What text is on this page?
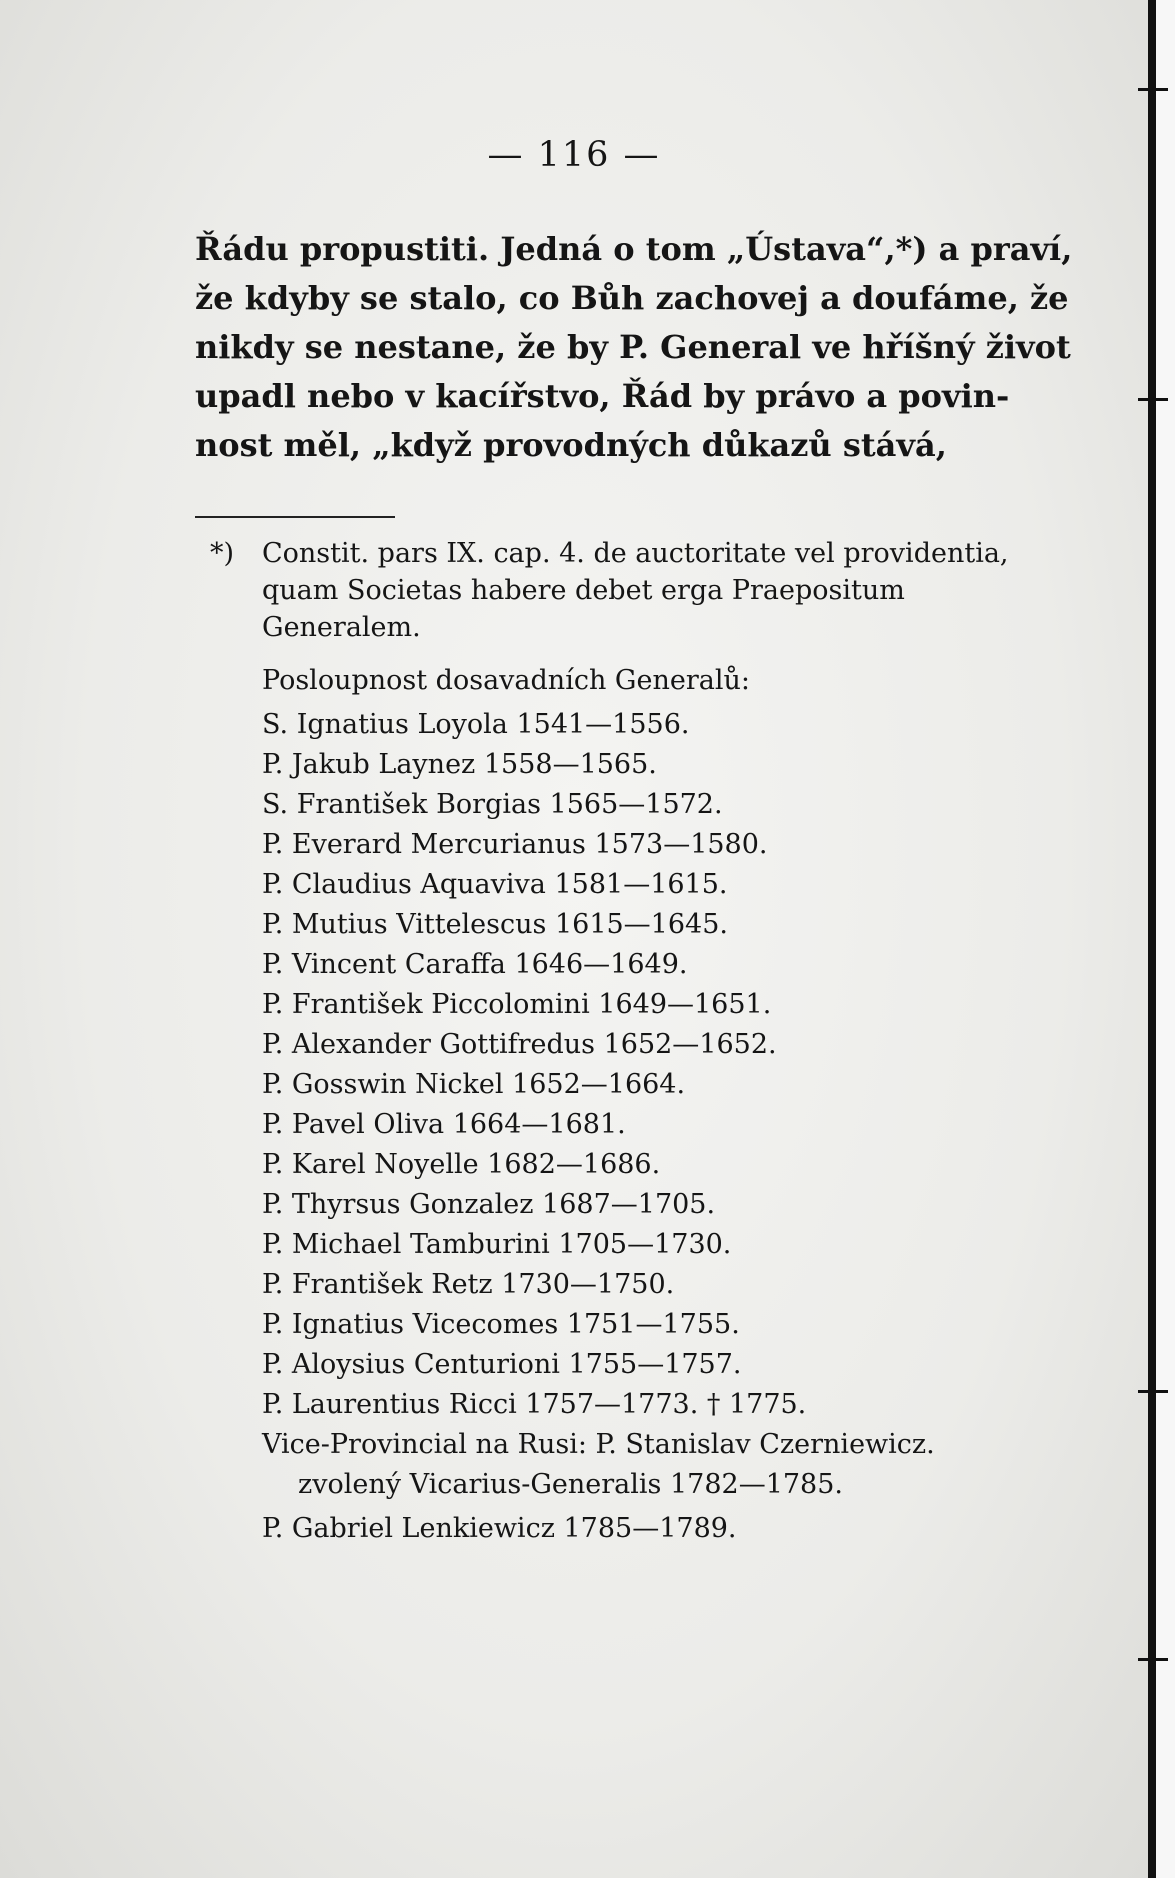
— 116 —
Řádu propustiti. Jedná o tom „Ústava“,*) a praví,
že kdyby se stalo, co Bůh zachovej a doufáme, že
nikdy se nestane, že by P. General ve hříšný život
upadl nebo v kacířstvo, Řád by právo a povin-
nost měl, „když provodných důkazů stává,
*)	Constit. pars IX. cap. 4. de auctoritate vel providentia, quam Societas habere debet erga Praepositum Generalem.
Posloupnost dosavadních Generalů:
S. Ignatius Loyola 1541—1556.
P. Jakub Laynez 1558—1565.
S. František Borgias 1565—1572.
P. Everard Mercurianus 1573—1580.
P. Claudius Aquaviva 1581—1615.
P. Mutius Vittelescus 1615—1645.
P. Vincent Caraffa 1646—1649.
P. František Piccolomini 1649—1651.
P. Alexander Gottifredus 1652—1652.
P. Gosswin Nickel 1652—1664.
P. Pavel Oliva 1664—1681.
P. Karel Noyelle 1682—1686.
P. Thyrsus Gonzalez 1687—1705.
P. Michael Tamburini 1705—1730.
P. František Retz 1730—1750.
P. Ignatius Vicecomes 1751—1755.
P. Aloysius Centurioni 1755—1757.
P. Laurentius Ricci 1757—1773. † 1775.
Vice-Provincial na Rusi: P. Stanislav Czerniewicz.
zvolený Vicarius-Generalis 1782—1785.
P. Gabriel Lenkiewicz 1785—1789.
